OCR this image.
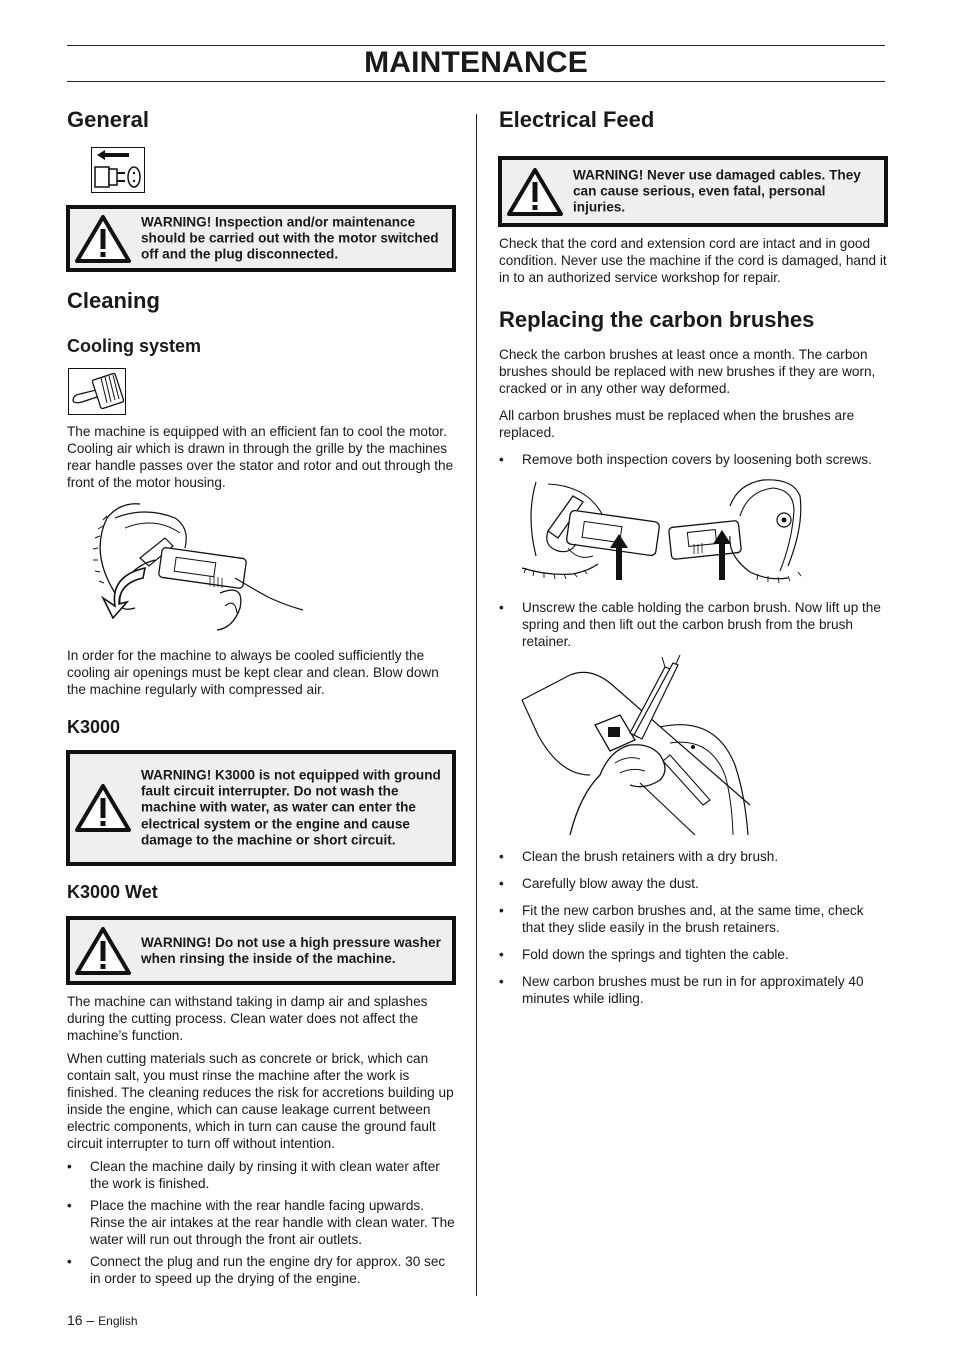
MAINTENANCE
General
WARNING! Inspection and/or maintenance should be carried out with the motor switched off and the plug disconnected.
Cleaning
Cooling system
The machine is equipped with an efficient fan to cool the motor. Cooling air which is drawn in through the grille by the machines rear handle passes over the stator and rotor and out through the front of the motor housing.
In order for the machine to always be cooled sufficiently the cooling air openings must be kept clear and clean. Blow down the machine regularly with compressed air.
K3000
WARNING! K3000 is not equipped with ground fault circuit interrupter. Do not wash the machine with water, as water can enter the electrical system or the engine and cause damage to the machine or short circuit.
K3000 Wet
WARNING! Do not use a high pressure washer when rinsing the inside of the machine.

The machine can withstand taking in damp air and splashes during the cutting process. Clean water does not affect the machine’s function.

When cutting materials such as concrete or brick, which can contain salt, you must rinse the machine after the work is finished. The cleaning reduces the risk for accretions building up inside the engine, which can cause leakage current between electric components, which in turn can cause the ground fault circuit interrupter to turn off without intention.

• Clean the machine daily by rinsing it with clean water after the work is finished.
• Place the machine with the rear handle facing upwards. Rinse the air intakes at the rear handle with clean water. The water will run out through the front air outlets.
• Connect the plug and run the engine dry for approx. 30 sec in order to speed up the drying of the engine.
Electrical Feed
WARNING! Never use damaged cables. They can cause serious, even fatal, personal injuries.
Check that the cord and extension cord are intact and in good condition. Never use the machine if the cord is damaged, hand it in to an authorized service workshop for repair.
Replacing the carbon brushes

Check the carbon brushes at least once a month. The carbon brushes should be replaced with new brushes if they are worn, cracked or in any other way deformed.

All carbon brushes must be replaced when the brushes are replaced.

• Remove both inspection covers by loosening both screws.
• Unscrew the cable holding the carbon brush. Now lift up the spring and then lift out the carbon brush from the brush retainer.
• Clean the brush retainers with a dry brush.
• Carefully blow away the dust.
• Fit the new carbon brushes and, at the same time, check that they slide easily in the brush retainers.
• Fold down the springs and tighten the cable.
• New carbon brushes must be run in for approximately 40 minutes while idling.
16 – English
